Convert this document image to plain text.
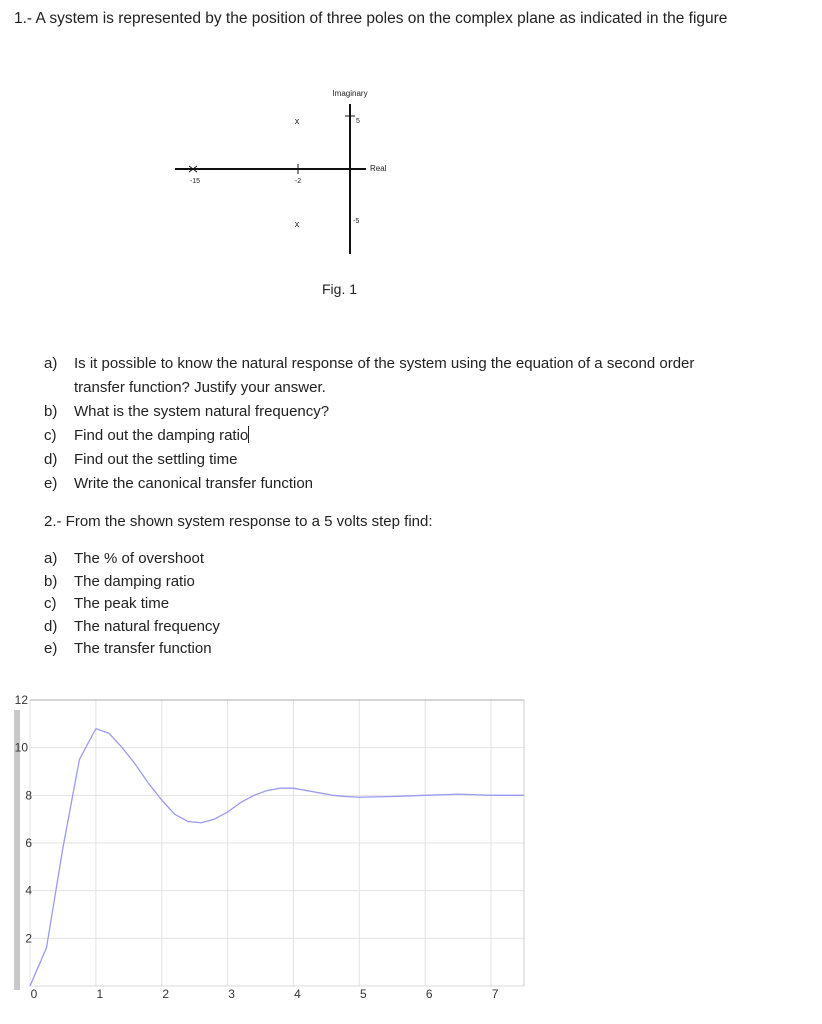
1.- A system is represented by the position of three poles on the complex plane as indicated in the figure
Imaginary
Real
5
-5
-15	-2
x
x
Fig. 1
a) Is it possible to know the natural response of the system using the equation of a second order
transfer function? Justify your answer.
b) What is the system natural frequency?
c) Find out the damping ratio
d) Find out the settling time
e) Write the canonical transfer function
2.- From the shown system response to a 5 volts step find:
a) The % of overshoot
b) The damping ratio
c) The peak time
d) The natural frequency
e) The transfer function
2
4
6
8
10
12
0	1	2	3	4	5	6	7
